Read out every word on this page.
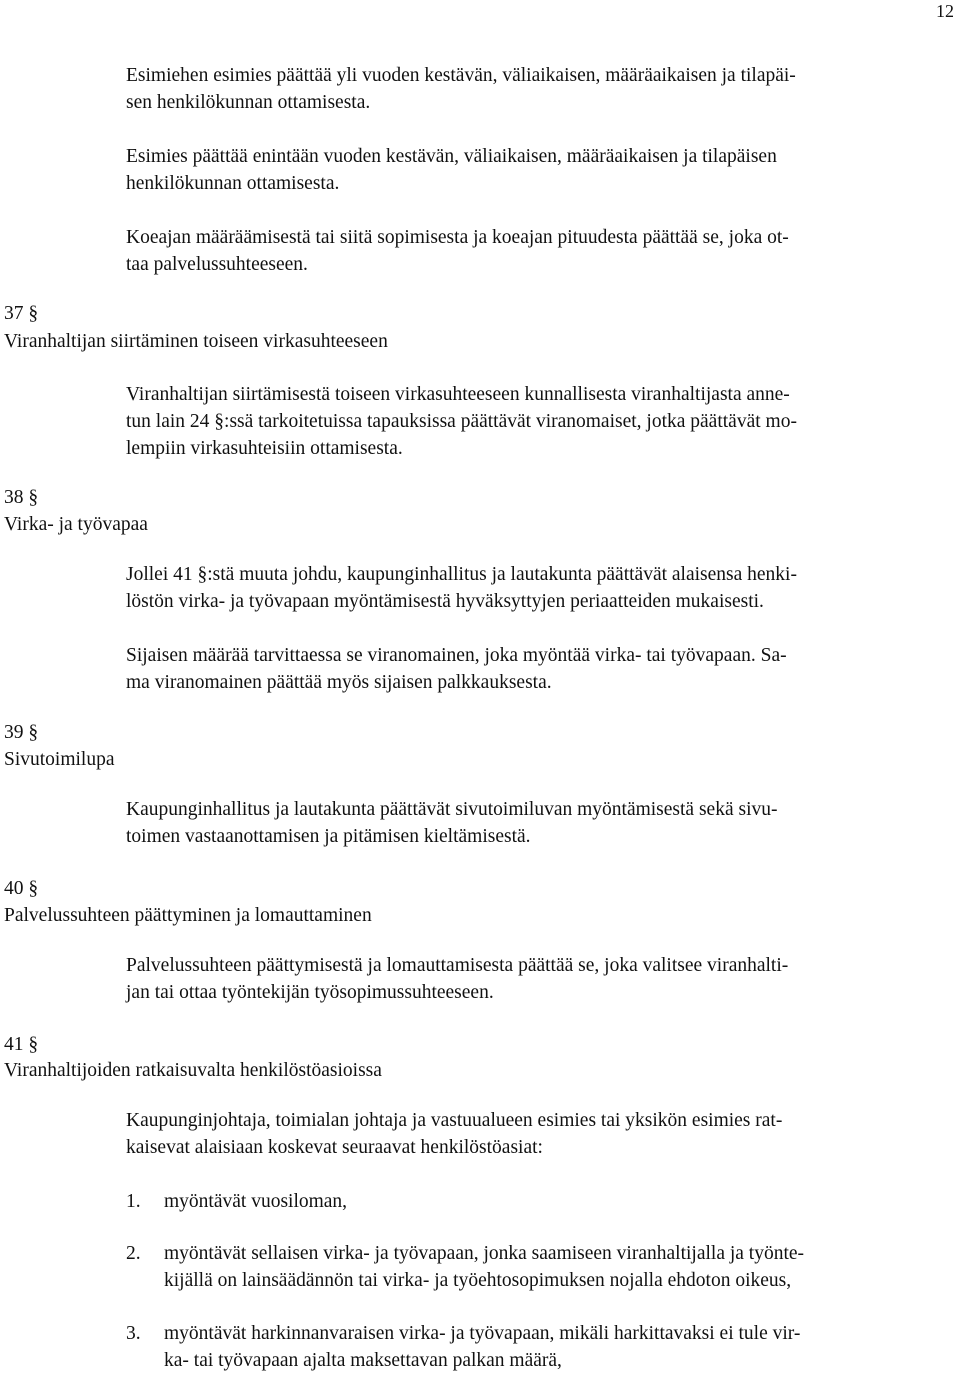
12
Esimiehen esimies päättää yli vuoden kestävän, väliaikaisen, määräaikaisen ja tilapäi-
sen henkilökunnan ottamisesta.
Esimies päättää enintään vuoden kestävän, väliaikaisen, määräaikaisen ja tilapäisen
henkilökunnan ottamisesta.
Koeajan määräämisestä tai siitä sopimisesta ja koeajan pituudesta päättää se, joka ot-
taa palvelussuhteeseen.
37 §
Viranhaltijan siirtäminen toiseen virkasuhteeseen
Viranhaltijan siirtämisestä toiseen virkasuhteeseen kunnallisesta viranhaltijasta anne-
tun lain 24 §:ssä tarkoitetuissa tapauksissa päättävät viranomaiset, jotka päättävät mo-
lempiin virkasuhteisiin ottamisesta.
38 §
Virka- ja työvapaa
Jollei 41 §:stä muuta johdu, kaupunginhallitus ja lautakunta päättävät alaisensa henki-
löstön virka- ja työvapaan myöntämisestä hyväksyttyjen periaatteiden mukaisesti.
Sijaisen määrää tarvittaessa se viranomainen, joka myöntää virka- tai työvapaan. Sa-
ma viranomainen päättää myös sijaisen palkkauksesta.
39 §
Sivutoimilupa
Kaupunginhallitus ja lautakunta päättävät sivutoimiluvan myöntämisestä sekä sivu-
toimen vastaanottamisen ja pitämisen kieltämisestä.
40 §
Palvelussuhteen päättyminen ja lomauttaminen
Palvelussuhteen päättymisestä ja lomauttamisesta päättää se, joka valitsee viranhalti-
jan tai ottaa työntekijän työsopimussuhteeseen.
41 §
Viranhaltijoiden ratkaisuvalta henkilöstöasioissa
Kaupunginjohtaja, toimialan johtaja ja vastuualueen esimies tai yksikön esimies rat-
kaisevat alaisiaan koskevat seuraavat henkilöstöasiat:
1. myöntävät vuosiloman,
2. myöntävät sellaisen virka- ja työvapaan, jonka saamiseen viranhaltijalla ja työnte-
kijällä on lainsäädännön tai virka- ja työehtosopimuksen nojalla ehdoton oikeus,
3. myöntävät harkinnanvaraisen virka- ja työvapaan, mikäli harkittavaksi ei tule vir-
ka- tai työvapaan ajalta maksettavan palkan määrä,
